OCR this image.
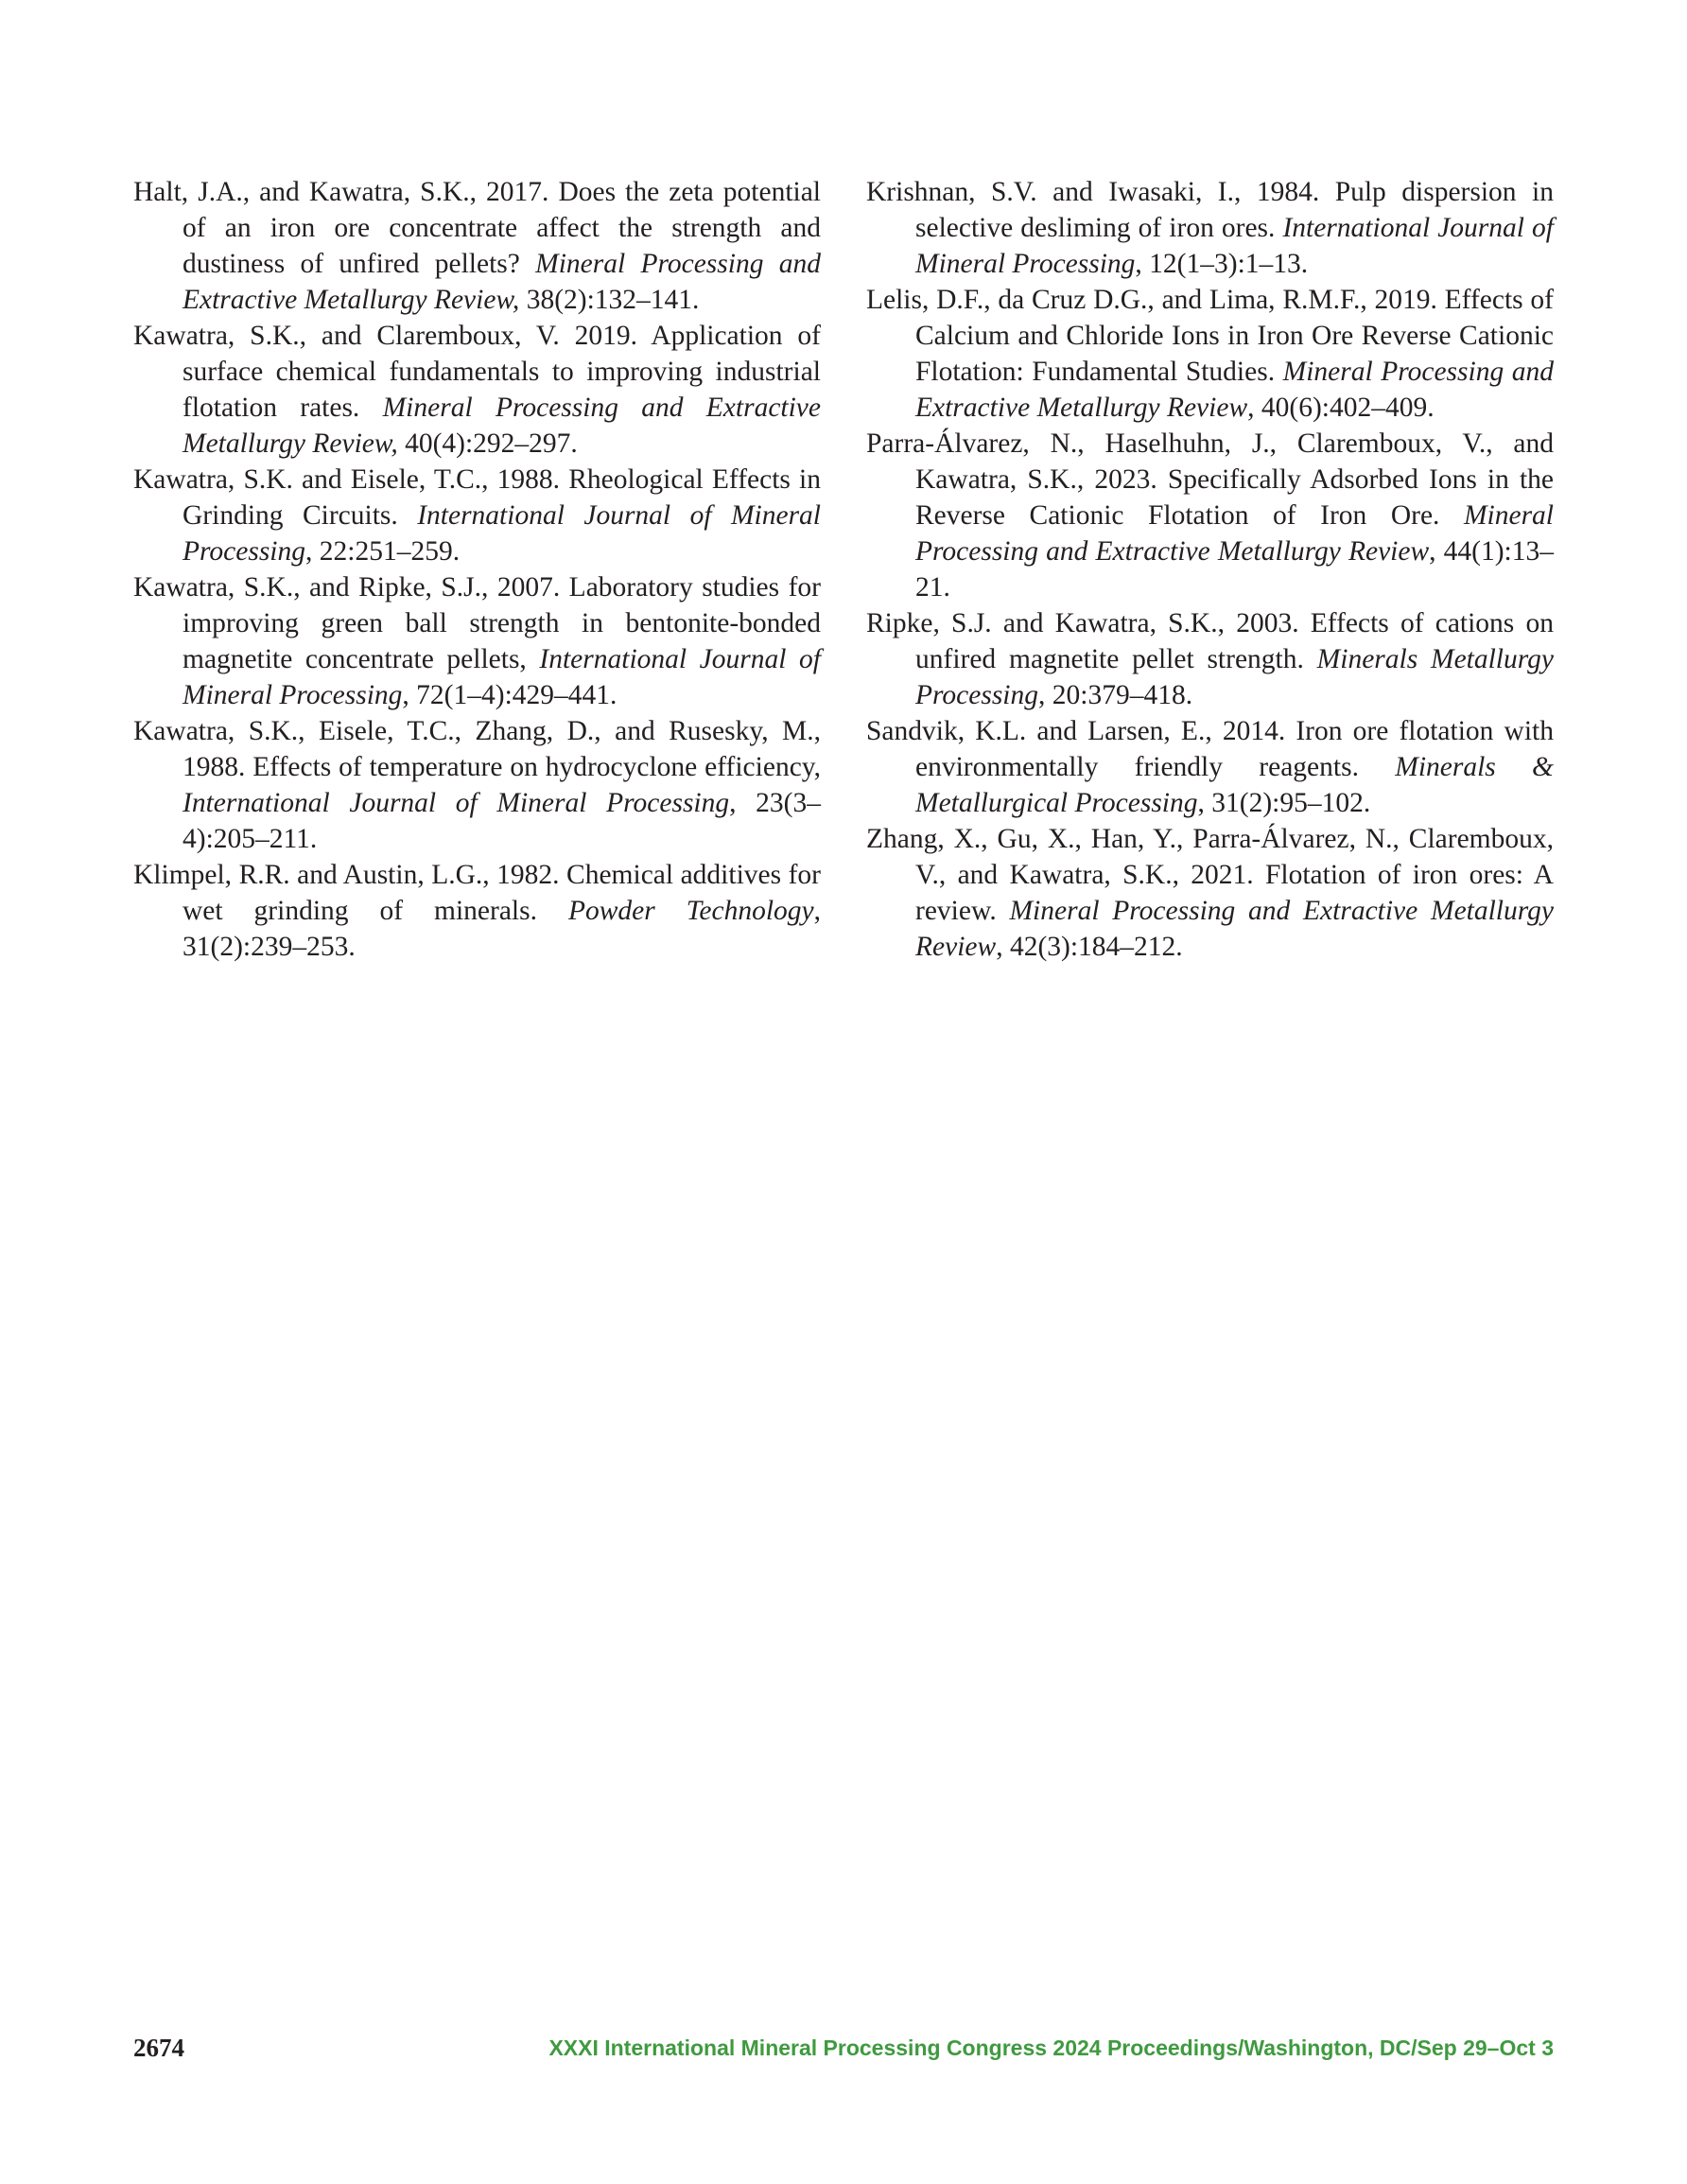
Halt, J.A., and Kawatra, S.K., 2017. Does the zeta potential of an iron ore concentrate affect the strength and dustiness of unfired pellets? Mineral Processing and Extractive Metallurgy Review, 38(2):132–141.

Kawatra, S.K., and Claremboux, V. 2019. Application of surface chemical fundamentals to improving industrial flotation rates. Mineral Processing and Extractive Metallurgy Review, 40(4):292–297.

Kawatra, S.K. and Eisele, T.C., 1988. Rheological Effects in Grinding Circuits. International Journal of Mineral Processing, 22:251–259.

Kawatra, S.K., and Ripke, S.J., 2007. Laboratory studies for improving green ball strength in bentonite-bonded magnetite concentrate pellets, International Journal of Mineral Processing, 72(1–4):429–441.

Kawatra, S.K., Eisele, T.C., Zhang, D., and Rusesky, M., 1988. Effects of temperature on hydrocyclone efficiency, International Journal of Mineral Processing, 23(3–4):205–211.

Klimpel, R.R. and Austin, L.G., 1982. Chemical additives for wet grinding of minerals. Powder Technology, 31(2):239–253.

Krishnan, S.V. and Iwasaki, I., 1984. Pulp dispersion in selective desliming of iron ores. International Journal of Mineral Processing, 12(1–3):1–13.

Lelis, D.F., da Cruz D.G., and Lima, R.M.F., 2019. Effects of Calcium and Chloride Ions in Iron Ore Reverse Cationic Flotation: Fundamental Studies. Mineral Processing and Extractive Metallurgy Review, 40(6):402–409.

Parra-Álvarez, N., Haselhuhn, J., Claremboux, V., and Kawatra, S.K., 2023. Specifically Adsorbed Ions in the Reverse Cationic Flotation of Iron Ore. Mineral Processing and Extractive Metallurgy Review, 44(1):13–21.

Ripke, S.J. and Kawatra, S.K., 2003. Effects of cations on unfired magnetite pellet strength. Minerals Metallurgy Processing, 20:379–418.

Sandvik, K.L. and Larsen, E., 2014. Iron ore flotation with environmentally friendly reagents. Minerals & Metallurgical Processing, 31(2):95–102.

Zhang, X., Gu, X., Han, Y., Parra-Álvarez, N., Claremboux, V., and Kawatra, S.K., 2021. Flotation of iron ores: A review. Mineral Processing and Extractive Metallurgy Review, 42(3):184–212.

2674	XXXI International Mineral Processing Congress 2024 Proceedings/Washington, DC/Sep 29–Oct 3
